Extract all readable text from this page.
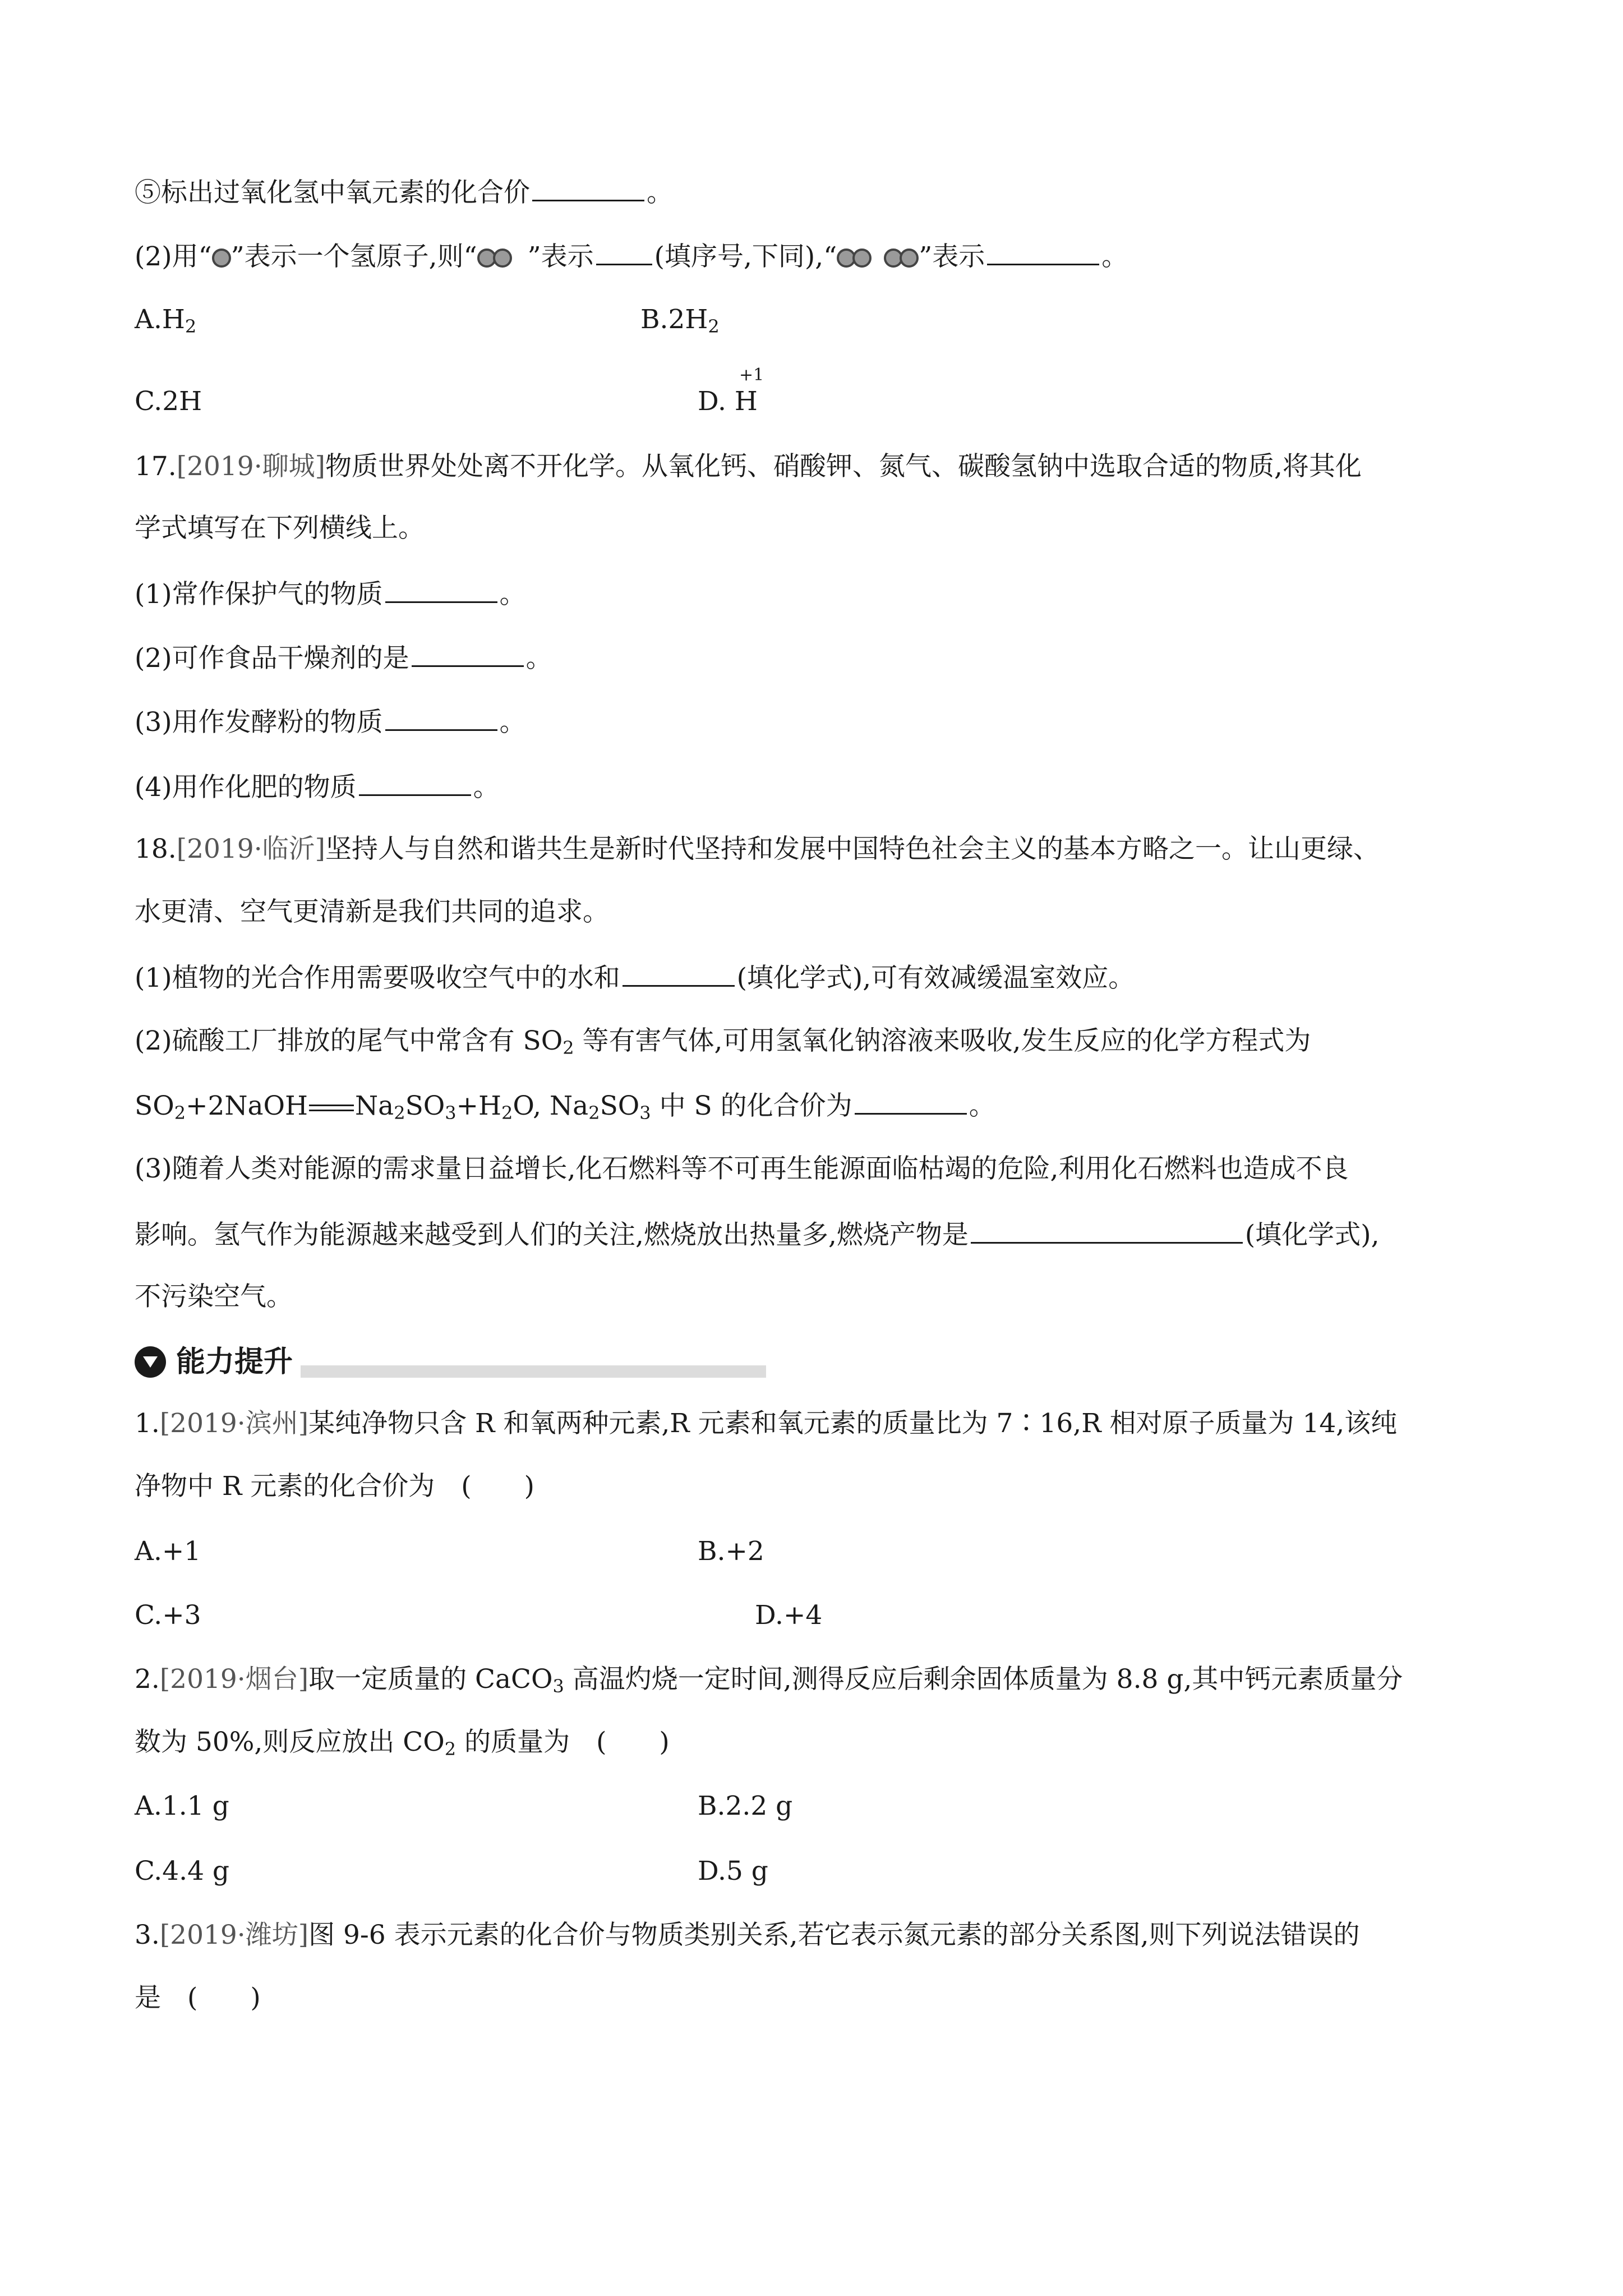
⑤标出过氧化氢中氧元素的化合价	。
(2)用“ ”表示一个氢原子,则“ ”表示 (填序号,下同),“	”表示	。
$A.H_2$	$B.2H_2$
C.2H	D. H
+1
17.[2019·聊城]物质世界处处离不开化学。从氧化钙、硝酸钾、氮气、碳酸氢钠中选取合适的物质,将其化
学式填写在下列横线上。
(1)常作保护气的物质	。
(2)可作食品干燥剂的是	。
(3)用作发酵粉的物质	。
(4)用作化肥的物质	。
18.[2019·临沂]坚持人与自然和谐共生是新时代坚持和发展中国特色社会主义的基本方略之一。让山更绿、
水更清、空气更清新是我们共同的追求。
(1)植物的光合作用需要吸收空气中的水和	(填化学式),可有效减缓温室效应。
(2)硫酸工厂排放的尾气中常含有 $SO_2$ 等有害气体,可用氢氧化钠溶液来吸收,发生反应的化学方程式为
$SO_2+2NaOH$ $Na_2SO_3+H_2O$, $Na_2SO_3$ 中 S 的化合价为	。
(3)随着人类对能源的需求量日益增长,化石燃料等不可再生能源面临枯竭的危险,利用化石燃料也造成不良
影响。氢气作为能源越来越受到人们的关注,燃烧放出热量多,燃烧产物是	(填化学式),
不污染空气。
能力提升
1.[2019·滨州]某纯净物只含 R 和氧两种元素,R 元素和氧元素的质量比为 7∶16,R 相对原子质量为 14,该纯
净物中 R 元素的化合价为　(　　)
A.+1	B.+2
C.+3	D.+4
2.[2019·烟台]取一定质量的 CaCO$_3$ 高温灼烧一定时间,测得反应后剩余固体质量为 8.8 g,其中钙元素质量分
数为 50%,则反应放出 $CO_2$ 的质量为　(　　)
A.1.1 g	B.2.2 g
C.4.4 g	D.5 g
3.[2019·潍坊]图 9-6 表示元素的化合价与物质类别关系,若它表示氮元素的部分关系图,则下列说法错误的
是　(　　)
